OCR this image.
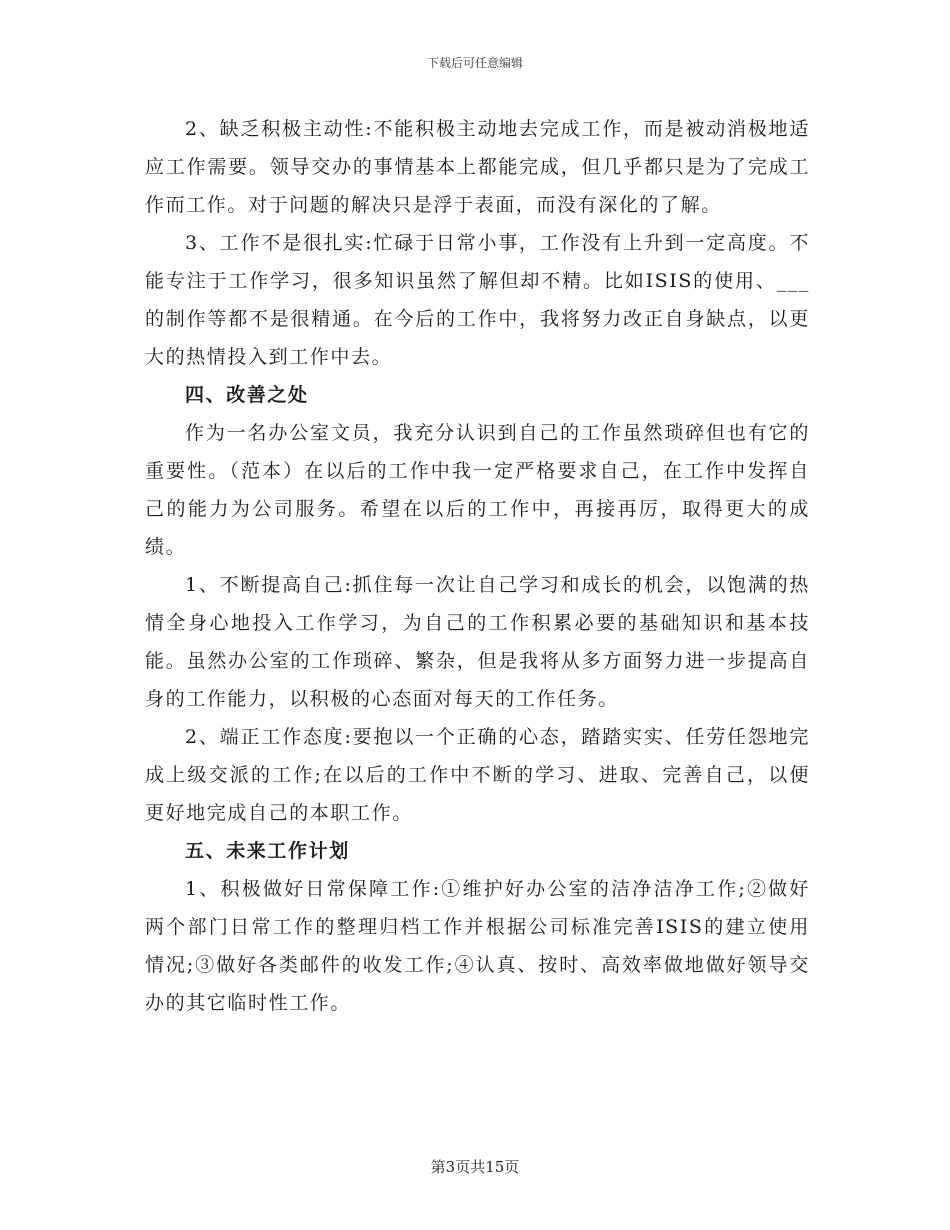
下载后可任意编辑

2、缺乏积极主动性:不能积极主动地去完成工作，而是被动消极地适应工作需要。领导交办的事情基本上都能完成，但几乎都只是为了完成工作而工作。对于问题的解决只是浮于表面，而没有深化的了解。

3、工作不是很扎实:忙碌于日常小事，工作没有上升到一定高度。不能专注于工作学习，很多知识虽然了解但却不精。比如ISIS的使用、___的制作等都不是很精通。在今后的工作中，我将努力改正自身缺点，以更大的热情投入到工作中去。

四、改善之处

作为一名办公室文员，我充分认识到自己的工作虽然琐碎但也有它的重要性。（范本）在以后的工作中我一定严格要求自己，在工作中发挥自己的能力为公司服务。希望在以后的工作中，再接再厉，取得更大的成绩。

1、不断提高自己:抓住每一次让自己学习和成长的机会，以饱满的热情全身心地投入工作学习，为自己的工作积累必要的基础知识和基本技能。虽然办公室的工作琐碎、繁杂，但是我将从多方面努力进一步提高自身的工作能力，以积极的心态面对每天的工作任务。

2、端正工作态度:要抱以一个正确的心态，踏踏实实、任劳任怨地完成上级交派的工作;在以后的工作中不断的学习、进取、完善自己，以便更好地完成自己的本职工作。

五、未来工作计划

1、积极做好日常保障工作:①维护好办公室的洁净洁净工作;②做好两个部门日常工作的整理归档工作并根据公司标准完善ISIS的建立使用情况;③做好各类邮件的收发工作;④认真、按时、高效率做地做好领导交办的其它临时性工作。

第3页共15页
